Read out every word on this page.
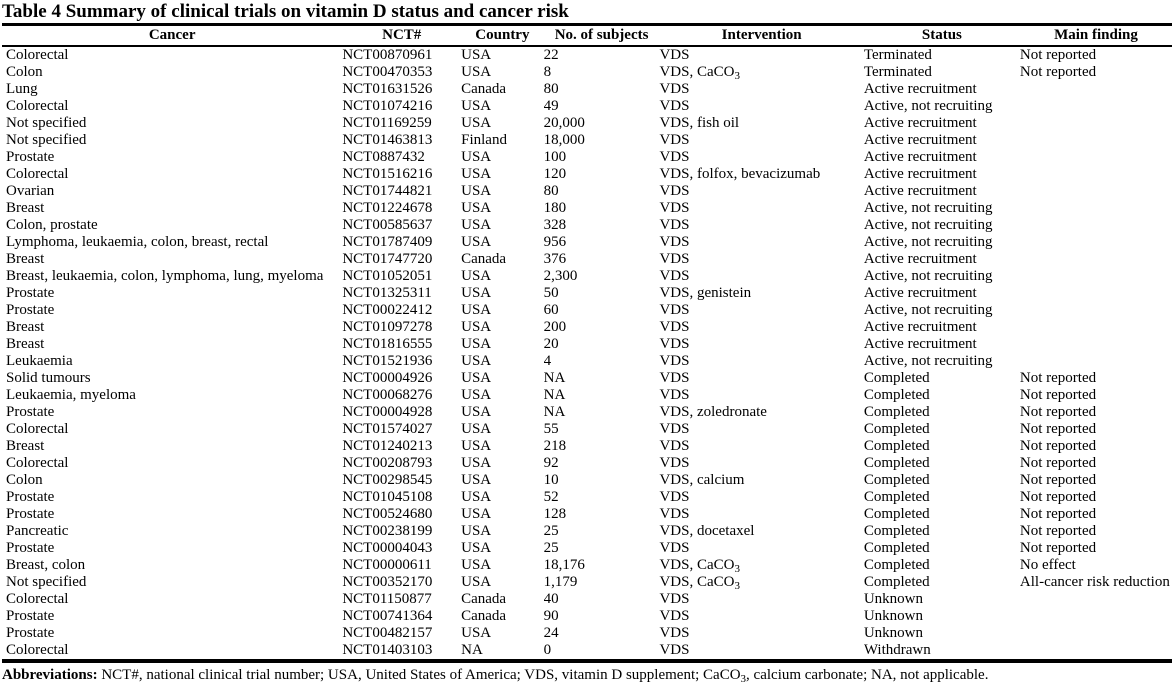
Table 4 Summary of clinical trials on vitamin D status and cancer risk

Cancer	NCT#	Country	No. of subjects	Intervention	Status	Main finding
Colorectal	NCT00870961	USA	22	VDS	Terminated	Not reported
Colon	NCT00470353	USA	8	VDS, CaCO$_3$	Terminated	Not reported
Lung	NCT01631526	Canada	80	VDS	Active recruitment	
Colorectal	NCT01074216	USA	49	VDS	Active, not recruiting	
Not specified	NCT01169259	USA	20,000	VDS, fish oil	Active recruitment	
Not specified	NCT01463813	Finland	18,000	VDS	Active recruitment	
Prostate	NCT0887432	USA	100	VDS	Active recruitment	
Colorectal	NCT01516216	USA	120	VDS, folfox, bevacizumab	Active recruitment	
Ovarian	NCT01744821	USA	80	VDS	Active recruitment	
Breast	NCT01224678	USA	180	VDS	Active, not recruiting	
Colon, prostate	NCT00585637	USA	328	VDS	Active, not recruiting	
Lymphoma, leukaemia, colon, breast, rectal	NCT01787409	USA	956	VDS	Active, not recruiting	
Breast	NCT01747720	Canada	376	VDS	Active recruitment	
Breast, leukaemia, colon, lymphoma, lung, myeloma	NCT01052051	USA	2,300	VDS	Active, not recruiting	
Prostate	NCT01325311	USA	50	VDS, genistein	Active recruitment	
Prostate	NCT00022412	USA	60	VDS	Active, not recruiting	
Breast	NCT01097278	USA	200	VDS	Active recruitment	
Breast	NCT01816555	USA	20	VDS	Active recruitment	
Leukaemia	NCT01521936	USA	4	VDS	Active, not recruiting	
Solid tumours	NCT00004926	USA	NA	VDS	Completed	Not reported
Leukaemia, myeloma	NCT00068276	USA	NA	VDS	Completed	Not reported
Prostate	NCT00004928	USA	NA	VDS, zoledronate	Completed	Not reported
Colorectal	NCT01574027	USA	55	VDS	Completed	Not reported
Breast	NCT01240213	USA	218	VDS	Completed	Not reported
Colorectal	NCT00208793	USA	92	VDS	Completed	Not reported
Colon	NCT00298545	USA	10	VDS, calcium	Completed	Not reported
Prostate	NCT01045108	USA	52	VDS	Completed	Not reported
Prostate	NCT00524680	USA	128	VDS	Completed	Not reported
Pancreatic	NCT00238199	USA	25	VDS, docetaxel	Completed	Not reported
Prostate	NCT00004043	USA	25	VDS	Completed	Not reported
Breast, colon	NCT00000611	USA	18,176	VDS, CaCO$_3$	Completed	No effect
Not specified	NCT00352170	USA	1,179	VDS, CaCO$_3$	Completed	All-cancer risk reduction
Colorectal	NCT01150877	Canada	40	VDS	Unknown	
Prostate	NCT00741364	Canada	90	VDS	Unknown	
Prostate	NCT00482157	USA	24	VDS	Unknown	
Colorectal	NCT01403103	NA	0	VDS	Withdrawn	

Abbreviations: NCT#, national clinical trial number; USA, United States of America; VDS, vitamin D supplement; CaCO$_3$, calcium carbonate; NA, not applicable.
